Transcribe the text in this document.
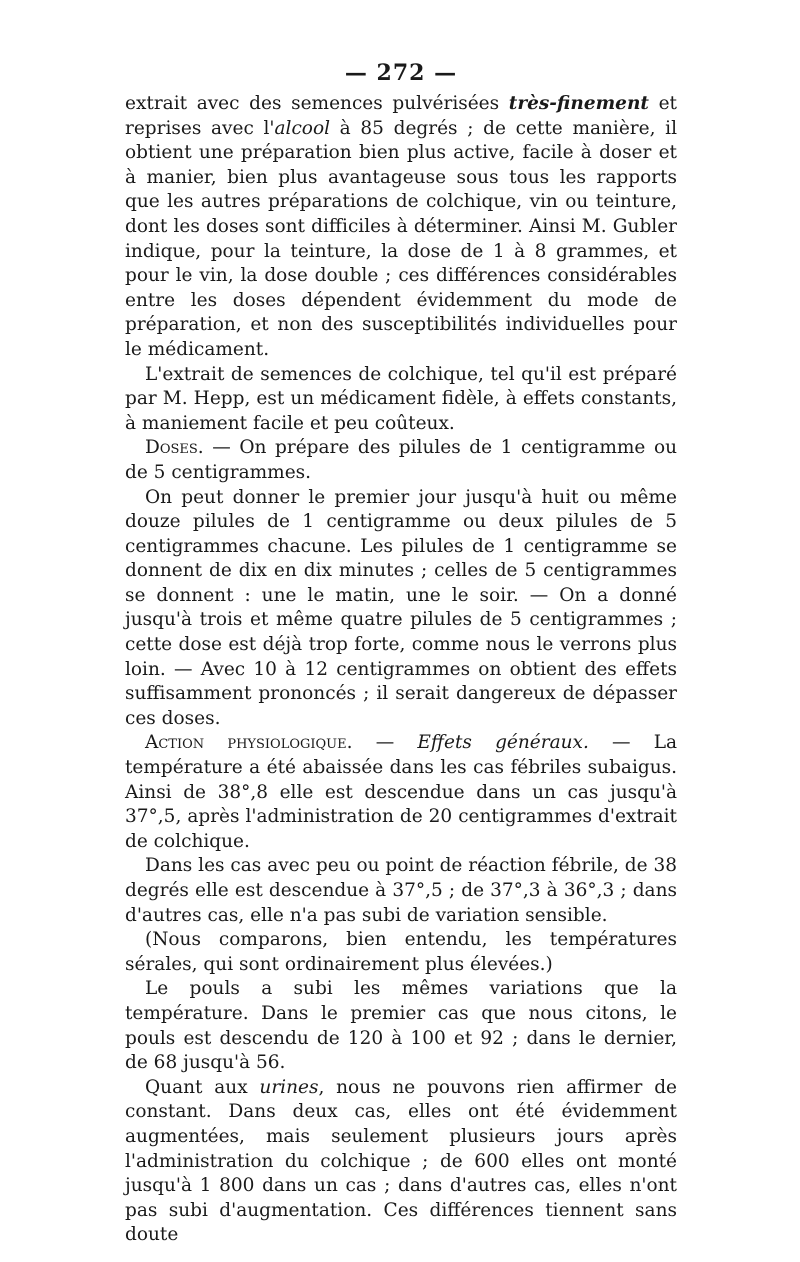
— 272 —

extrait avec des semences pulvérisées très-finement et reprises avec l'alcool à 85 degrés ; de cette manière, il obtient une préparation bien plus active, facile à doser et à manier, bien plus avantageuse sous tous les rapports que les autres préparations de colchique, vin ou teinture, dont les doses sont difficiles à déterminer. Ainsi M. Gubler indique, pour la teinture, la dose de 1 à 8 grammes, et pour le vin, la dose double ; ces différences considérables entre les doses dépendent évidemment du mode de préparation, et non des susceptibilités individuelles pour le médicament.

L'extrait de semences de colchique, tel qu'il est préparé par M. Hepp, est un médicament fidèle, à effets constants, à maniement facile et peu coûteux.

Doses. — On prépare des pilules de 1 centigramme ou de 5 centigrammes.

On peut donner le premier jour jusqu'à huit ou même douze pilules de 1 centigramme ou deux pilules de 5 centigrammes chacune. Les pilules de 1 centigramme se donnent de dix en dix minutes ; celles de 5 centigrammes se donnent : une le matin, une le soir. — On a donné jusqu'à trois et même quatre pilules de 5 centigrammes ; cette dose est déjà trop forte, comme nous le verrons plus loin. — Avec 10 à 12 centigrammes on obtient des effets suffisamment prononcés ; il serait dangereux de dépasser ces doses.

Action physiologique. — Effets généraux. — La température a été abaissée dans les cas fébriles subaigus. Ainsi de 38°,8 elle est descendue dans un cas jusqu'à 37°,5, après l'administration de 20 centigrammes d'extrait de colchique.

Dans les cas avec peu ou point de réaction fébrile, de 38 degrés elle est descendue à 37°,5 ; de 37°,3 à 36°,3 ; dans d'autres cas, elle n'a pas subi de variation sensible.

(Nous comparons, bien entendu, les températures sérales, qui sont ordinairement plus élevées.)

Le pouls a subi les mêmes variations que la température. Dans le premier cas que nous citons, le pouls est descendu de 120 à 100 et 92 ; dans le dernier, de 68 jusqu'à 56.

Quant aux urines, nous ne pouvons rien affirmer de constant. Dans deux cas, elles ont été évidemment augmentées, mais seulement plusieurs jours après l'administration du colchique ; de 600 elles ont monté jusqu'à 1 800 dans un cas ; dans d'autres cas, elles n'ont pas subi d'augmentation. Ces différences tiennent sans doute
